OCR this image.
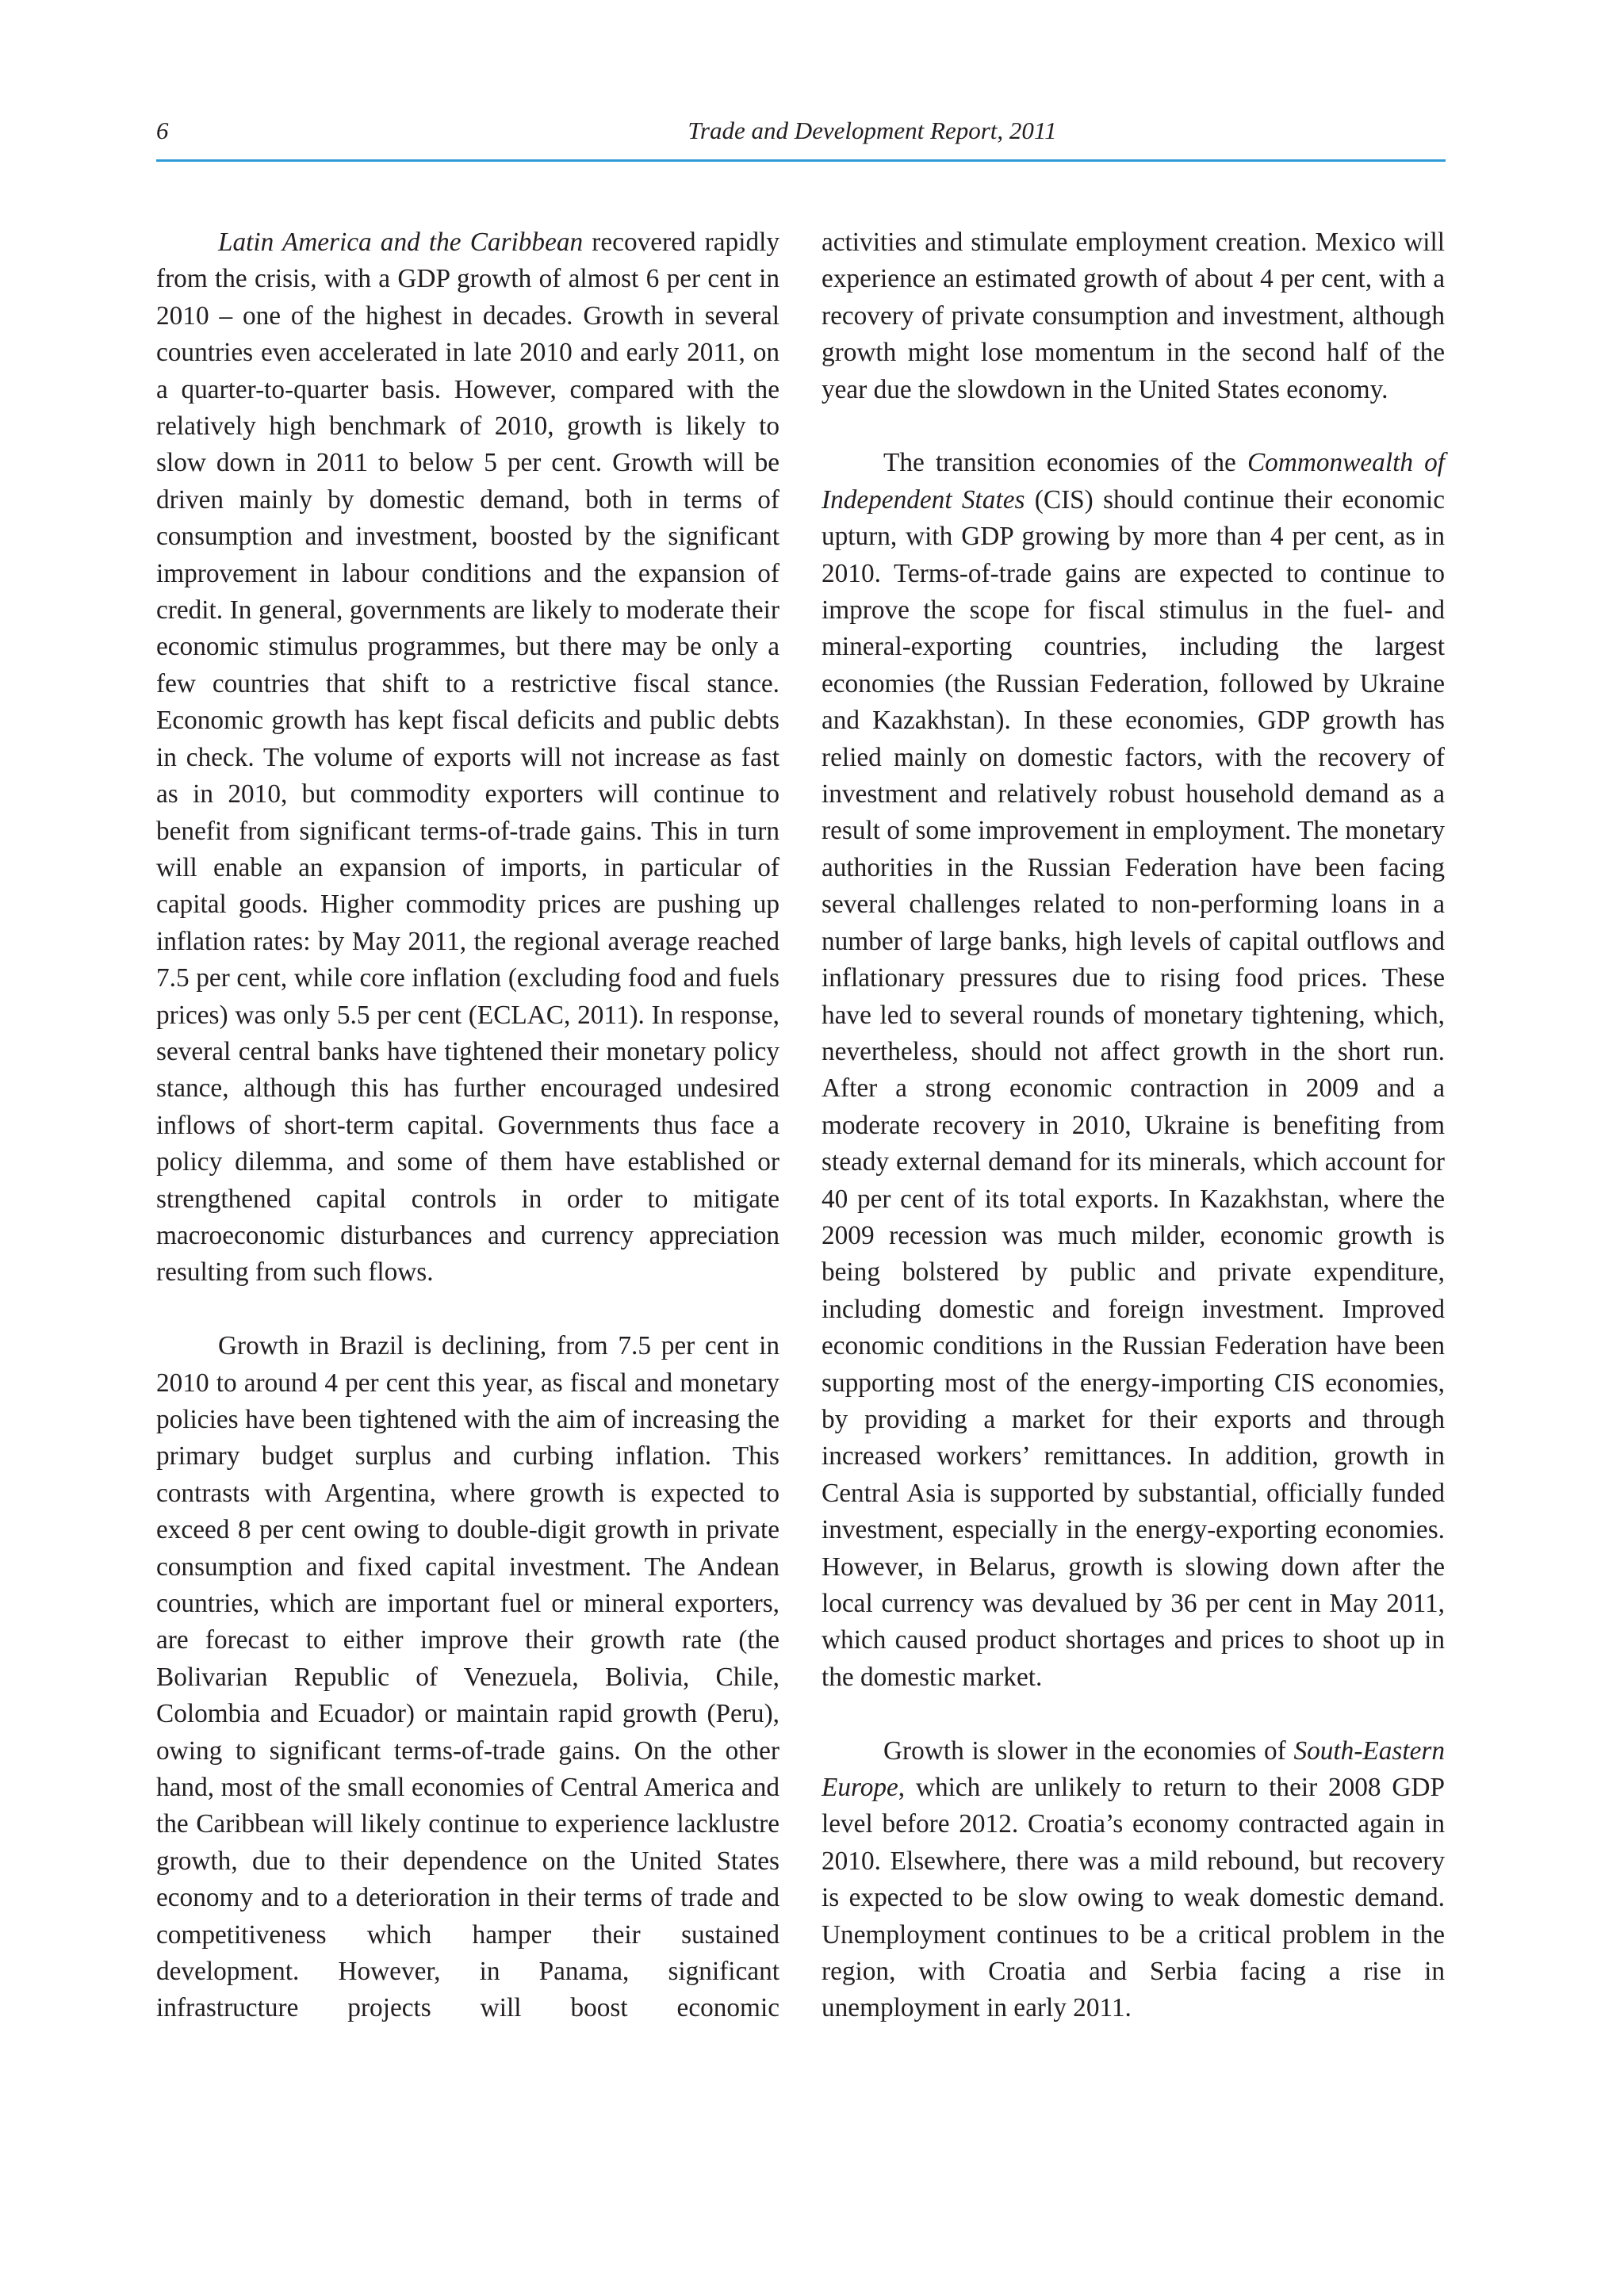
6	Trade and Development Report, 2011

Latin America and the Caribbean recovered rapidly from the crisis, with a GDP growth of almost 6 per cent in 2010 – one of the highest in decades. Growth in several countries even accelerated in late 2010 and early 2011, on a quarter-to-quarter basis. However, compared with the relatively high benchmark of 2010, growth is likely to slow down in 2011 to below 5 per cent. Growth will be driven mainly by domestic demand, both in terms of consumption and investment, boosted by the significant improvement in labour conditions and the expansion of credit. In general, governments are likely to moderate their economic stimulus programmes, but there may be only a few countries that shift to a restrictive fiscal stance. Economic growth has kept fiscal deficits and public debts in check. The volume of exports will not increase as fast as in 2010, but commodity exporters will continue to benefit from significant terms-of-trade gains. This in turn will enable an expansion of imports, in particular of capital goods. Higher commodity prices are pushing up inflation rates: by May 2011, the regional average reached 7.5 per cent, while core inflation (excluding food and fuels prices) was only 5.5 per cent (ECLAC, 2011). In response, several central banks have tightened their monetary policy stance, although this has further encouraged undesired inflows of short-term capital. Governments thus face a policy dilemma, and some of them have established or strengthened capital controls in order to mitigate macroeconomic disturbances and currency appreciation resulting from such flows.

Growth in Brazil is declining, from 7.5 per cent in 2010 to around 4 per cent this year, as fiscal and monetary policies have been tightened with the aim of increasing the primary budget surplus and curbing inflation. This contrasts with Argentina, where growth is expected to exceed 8 per cent owing to double-digit growth in private consumption and fixed capital investment. The Andean countries, which are important fuel or mineral exporters, are forecast to either improve their growth rate (the Bolivarian Republic of Venezuela, Bolivia, Chile, Colombia and Ecuador) or maintain rapid growth (Peru), owing to significant terms-of-trade gains. On the other hand, most of the small economies of Central America and the Caribbean will likely continue to experience lacklustre growth, due to their dependence on the United States economy and to a deterioration in their terms of trade and competitiveness which hamper their sustained development. However, in Panama, significant infrastructure projects will boost economic

activities and stimulate employment creation. Mexico will experience an estimated growth of about 4 per cent, with a recovery of private consumption and investment, although growth might lose momentum in the second half of the year due the slowdown in the United States economy.

The transition economies of the Commonwealth of Independent States (CIS) should continue their economic upturn, with GDP growing by more than 4 per cent, as in 2010. Terms-of-trade gains are expected to continue to improve the scope for fiscal stimulus in the fuel- and mineral-exporting countries, including the largest economies (the Russian Federation, followed by Ukraine and Kazakhstan). In these economies, GDP growth has relied mainly on domestic factors, with the recovery of investment and relatively robust household demand as a result of some improvement in employment. The monetary authorities in the Russian Federation have been facing several challenges related to non-performing loans in a number of large banks, high levels of capital outflows and inflationary pressures due to rising food prices. These have led to several rounds of monetary tightening, which, nevertheless, should not affect growth in the short run. After a strong economic contraction in 2009 and a moderate recovery in 2010, Ukraine is benefiting from steady external demand for its minerals, which account for 40 per cent of its total exports. In Kazakhstan, where the 2009 recession was much milder, economic growth is being bolstered by public and private expenditure, including domestic and foreign investment. Improved economic conditions in the Russian Federation have been supporting most of the energy-importing CIS economies, by providing a market for their exports and through increased workers’ remittances. In addition, growth in Central Asia is supported by substantial, officially funded investment, especially in the energy-exporting economies. However, in Belarus, growth is slowing down after the local currency was devalued by 36 per cent in May 2011, which caused product shortages and prices to shoot up in the domestic market.

Growth is slower in the economies of South-Eastern Europe, which are unlikely to return to their 2008 GDP level before 2012. Croatia’s economy contracted again in 2010. Elsewhere, there was a mild rebound, but recovery is expected to be slow owing to weak domestic demand. Unemployment continues to be a critical problem in the region, with Croatia and Serbia facing a rise in unemployment in early 2011.
